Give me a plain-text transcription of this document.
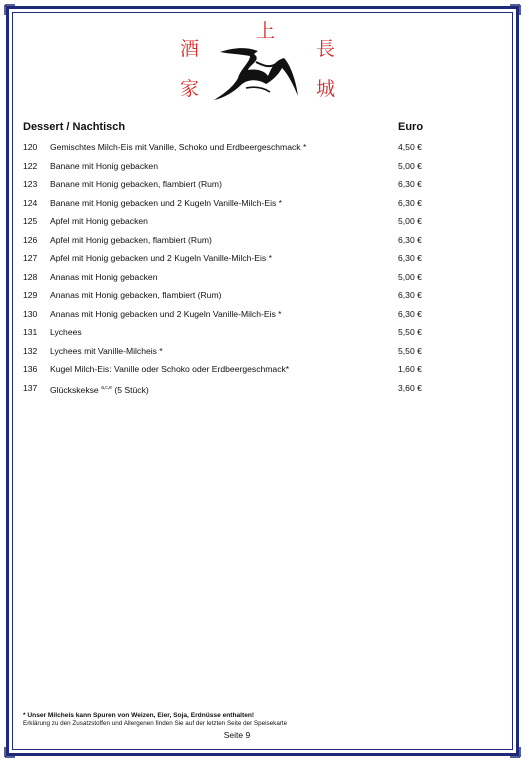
酒
家
上
長
城
Dessert / Nachtisch	Euro
120 Gemischtes Milch-Eis mit Vanille, Schoko und Erdbeergeschmack *	4,50 €
122 Banane mit Honig gebacken	5,00 €
123 Banane mit Honig gebacken, flambiert (Rum)	6,30 €
124 Banane mit Honig gebacken und 2 Kugeln Vanille-Milch-Eis *	6,30 €
125 Apfel mit Honig gebacken	5,00 €
126 Apfel mit Honig gebacken, flambiert (Rum)	6,30 €
127 Apfel mit Honig gebacken und 2 Kugeln Vanille-Milch-Eis *	6,30 €
128 Ananas mit Honig gebacken	5,00 €
129 Ananas mit Honig gebacken, flambiert (Rum)	6,30 €
130 Ananas mit Honig gebacken und 2 Kugeln Vanille-Milch-Eis *	6,30 €
131 Lychees	5,50 €
132 Lychees mit Vanille-Milcheis *	5,50 €
136 Kugel Milch-Eis: Vanille oder Schoko oder Erdbeergeschmack*	1,60 €
137 Glückskekse $^{a,c,e}$ (5 Stück)	3,60 €
* Unser Milcheis kann Spuren von Weizen, Eier, Soja, Erdnüsse enthalten!
Erklärung zu den Zusatzstoffen und Allergenen finden Sie auf der letzten Seite der Speisekarte
Seite 9
